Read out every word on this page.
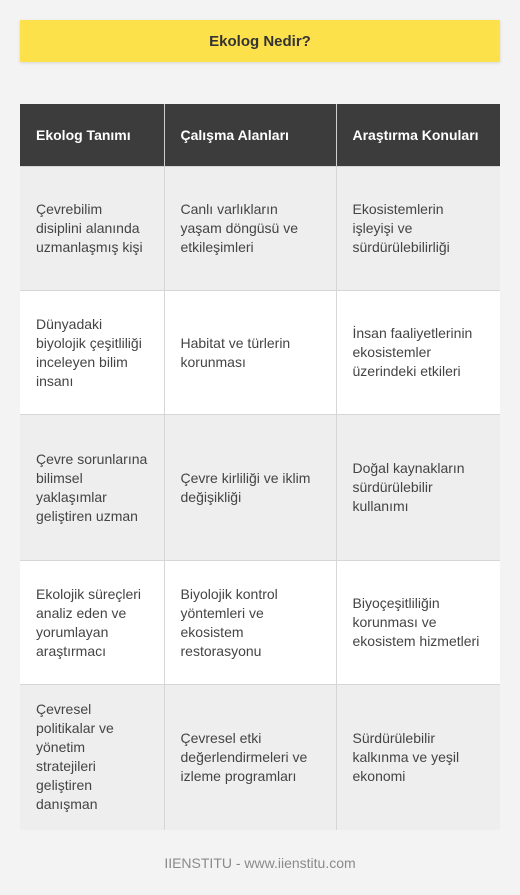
Ekolog Nedir?
Ekolog Tanımı	Çalışma Alanları	Araştırma Konuları
Çevrebilim disiplini alanında uzmanlaşmış kişi	Canlı varlıkların yaşam döngüsü ve etkileşimleri	Ekosistemlerin işleyişi ve sürdürülebilirliği
Dünyadaki biyolojik çeşitliliği inceleyen bilim insanı	Habitat ve türlerin korunması	İnsan faaliyetlerinin ekosistemler üzerindeki etkileri
Çevre sorunlarına bilimsel yaklaşımlar geliştiren uzman	Çevre kirliliği ve iklim değişikliği	Doğal kaynakların sürdürülebilir kullanımı
Ekolojik süreçleri analiz eden ve yorumlayan araştırmacı	Biyolojik kontrol yöntemleri ve ekosistem restorasyonu	Biyoçeşitliliğin korunması ve ekosistem hizmetleri
Çevresel politikalar ve yönetim stratejileri geliştiren danışman	Çevresel etki değerlendirmeleri ve izleme programları	Sürdürülebilir kalkınma ve yeşil ekonomi
IIENSTITU - www.iienstitu.com
